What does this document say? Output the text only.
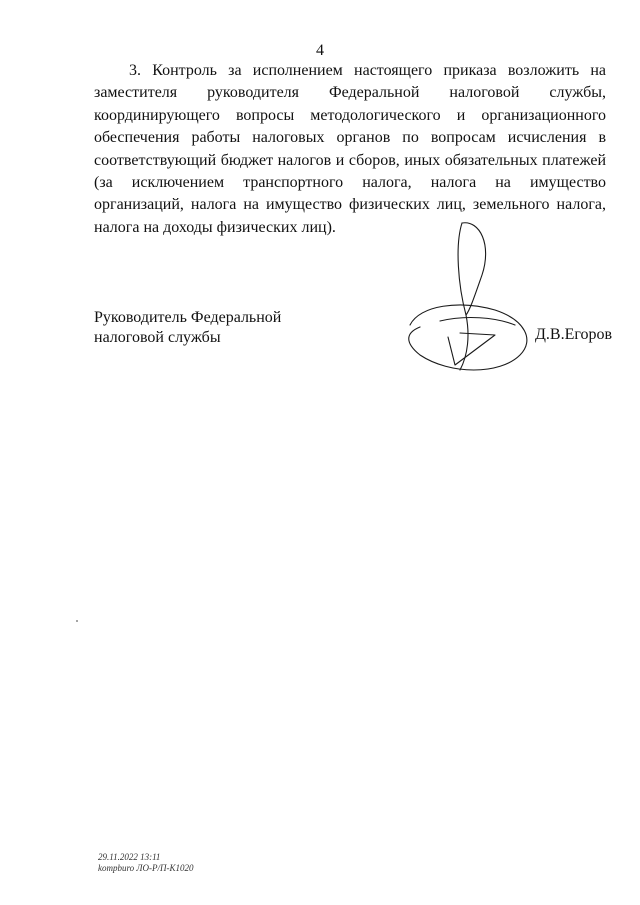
4
3. Контроль за исполнением настоящего приказа возложить на заместителя руководителя Федеральной налоговой службы, координирующего вопросы методологического и организационного обеспечения работы налоговых органов по вопросам исчисления в соответствующий бюджет налогов и сборов, иных обязательных платежей (за исключением транспортного налога, налога на имущество организаций, налога на имущество физических лиц, земельного налога, налога на доходы физических лиц).
Руководитель Федеральной
налоговой службы	Д.В.Егоров
29.11.2022 13:11
kompburo ЛО-Р/П-К1020
